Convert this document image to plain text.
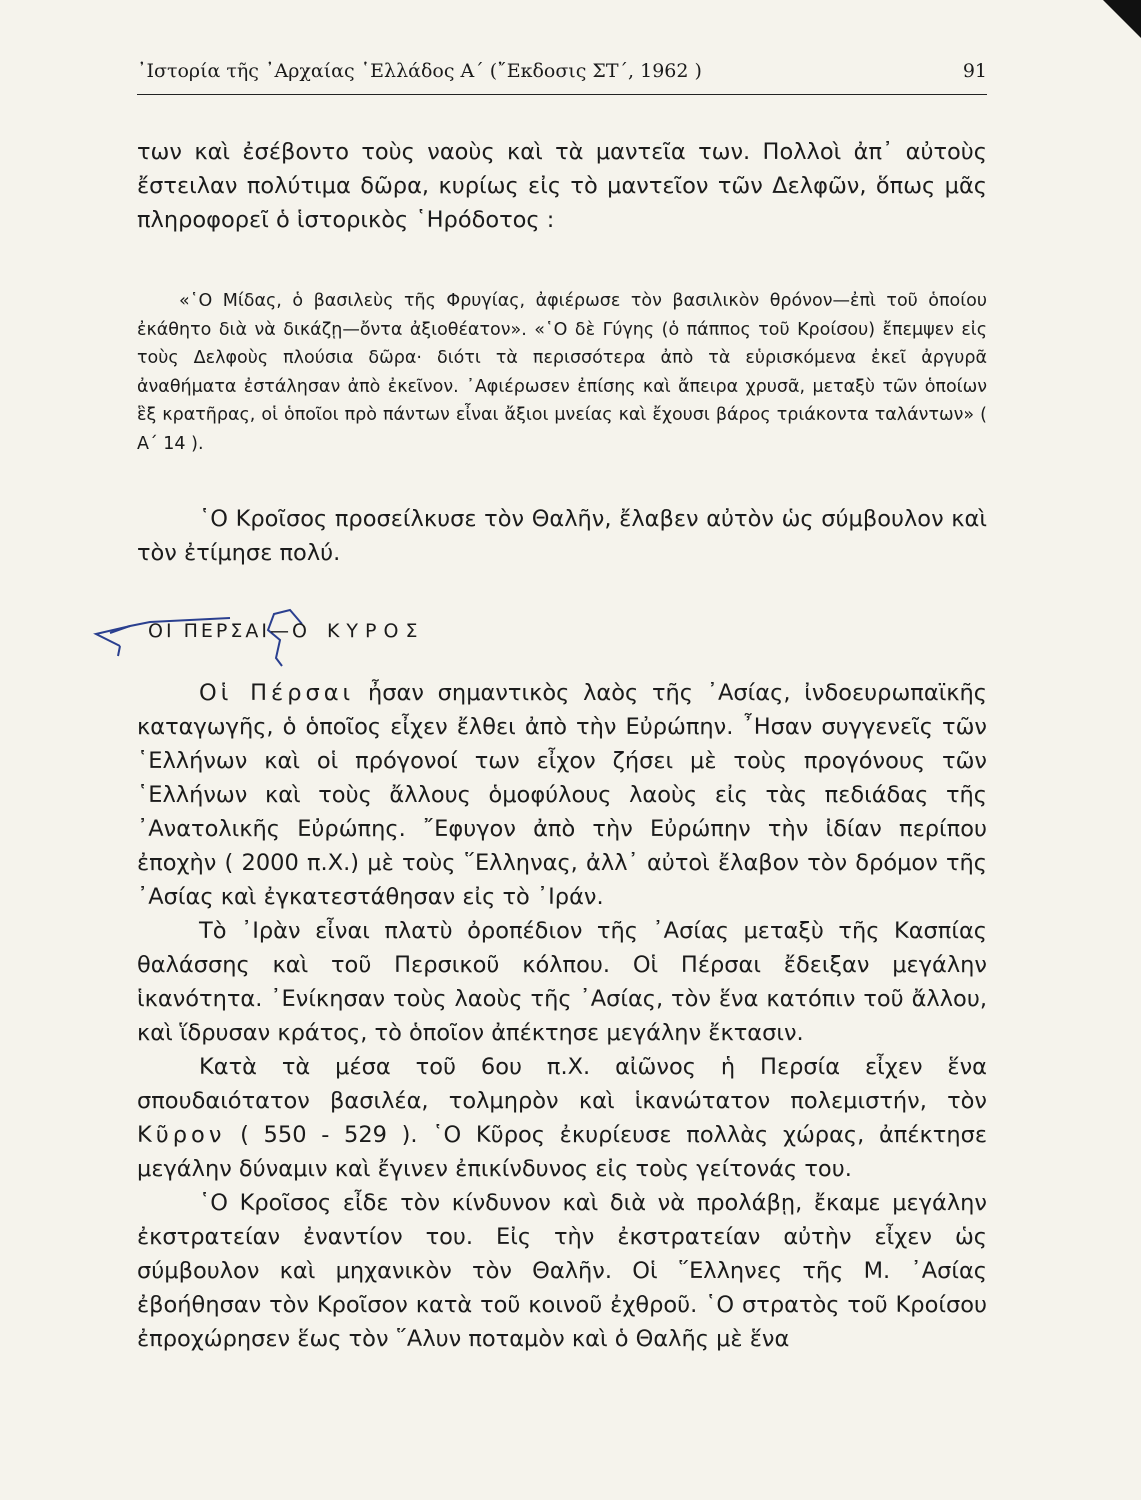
᾿Ιστορία τῆς ᾿Αρχαίας ῾Ελλάδος Α΄ (῎Εκδοσις ΣΤ΄, 1962 )	91

των καὶ ἐσέβοντο τοὺς ναοὺς καὶ τὰ μαντεῖα των. Πολλοὶ ἀπ᾿ αὐτοὺς ἔστειλαν πολύτιμα δῶρα, κυρίως εἰς τὸ μαντεῖον τῶν Δελφῶν, ὅπως μᾶς πληροφορεῖ ὁ ἱστορικὸς ῾Ηρόδοτος :

«῾Ο Μίδας, ὁ βασιλεὺς τῆς Φρυγίας, ἀφιέρωσε τὸν βασιλικὸν θρόνον—ἐπὶ τοῦ ὁποίου ἐκάθητο διὰ νὰ δικάζῃ—ὄντα ἀξιοθέατον». «῾Ο δὲ Γύγης (ὁ πάππος τοῦ Κροίσου) ἔπεμψεν εἰς τοὺς Δελφοὺς πλούσια δῶρα· διότι τὰ περισσότερα ἀπὸ τὰ εὑρισκόμενα ἐκεῖ ἀργυρᾶ ἀναθήματα ἐστάλησαν ἀπὸ ἐκεῖνον. ᾿Αφιέρωσεν ἐπίσης καὶ ἄπειρα χρυσᾶ, μεταξὺ τῶν ὁποίων ἓξ κρατῆρας, οἱ ὁποῖοι πρὸ πάντων εἶναι ἄξιοι μνείας καὶ ἔχουσι βάρος τριάκοντα ταλάντων» ( Α΄ 14 ).

῾Ο Κροῖσος προσείλκυσε τὸν Θαλῆν, ἔλαβεν αὐτὸν ὡς σύμβουλον καὶ τὸν ἐτίμησε πολύ.

ΟΙ ΠΕΡΣΑΙ—Ο ΚΥΡΟΣ

Οἱ Πέρσαι ἦσαν σημαντικὸς λαὸς τῆς ᾿Ασίας, ἰνδοευρωπαϊκῆς καταγωγῆς, ὁ ὁποῖος εἶχεν ἔλθει ἀπὸ τὴν Εὐρώπην. ῏Ησαν συγγενεῖς τῶν ῾Ελλήνων καὶ οἱ πρόγονοί των εἶχον ζήσει μὲ τοὺς προγόνους τῶν ῾Ελλήνων καὶ τοὺς ἄλλους ὁμοφύλους λαοὺς εἰς τὰς πεδιάδας τῆς ᾿Ανατολικῆς Εὐρώπης. ῎Εφυγον ἀπὸ τὴν Εὐρώπην τὴν ἰδίαν περίπου ἐποχὴν ( 2000 π.Χ.) μὲ τοὺς ῞Ελληνας, ἀλλ᾿ αὐτοὶ ἔλαβον τὸν δρόμον τῆς ᾿Ασίας καὶ ἐγκατεστάθησαν εἰς τὸ ᾿Ιράν.

Τὸ ᾿Ιρὰν εἶναι πλατὺ ὀροπέδιον τῆς ᾿Ασίας μεταξὺ τῆς Κασπίας θαλάσσης καὶ τοῦ Περσικοῦ κόλπου. Οἱ Πέρσαι ἔδειξαν μεγάλην ἱκανότητα. ᾿Ενίκησαν τοὺς λαοὺς τῆς ᾿Ασίας, τὸν ἕνα κατόπιν τοῦ ἄλλου, καὶ ἵδρυσαν κράτος, τὸ ὁποῖον ἀπέκτησε μεγάλην ἔκτασιν.

Κατὰ τὰ μέσα τοῦ 6ου π.Χ. αἰῶνος ἡ Περσία εἶχεν ἕνα σπουδαιότατον βασιλέα, τολμηρὸν καὶ ἱκανώτατον πολεμιστήν, τὸν Κῦρον ( 550 - 529 ). ῾Ο Κῦρος ἐκυρίευσε πολλὰς χώρας, ἀπέκτησε μεγάλην δύναμιν καὶ ἔγινεν ἐπικίνδυνος εἰς τοὺς γείτονάς του.

῾Ο Κροῖσος εἶδε τὸν κίνδυνον καὶ διὰ νὰ προλάβῃ, ἔκαμε μεγάλην ἐκστρατείαν ἐναντίον του. Εἰς τὴν ἐκστρατείαν αὐτὴν εἶχεν ὡς σύμβουλον καὶ μηχανικὸν τὸν Θαλῆν. Οἱ ῞Ελληνες τῆς Μ. ᾿Ασίας ἐβοήθησαν τὸν Κροῖσον κατὰ τοῦ κοινοῦ ἐχθροῦ. ῾Ο στρατὸς τοῦ Κροίσου ἐπροχώρησεν ἕως τὸν ῞Αλυν ποταμὸν καὶ ὁ Θαλῆς μὲ ἕνα
